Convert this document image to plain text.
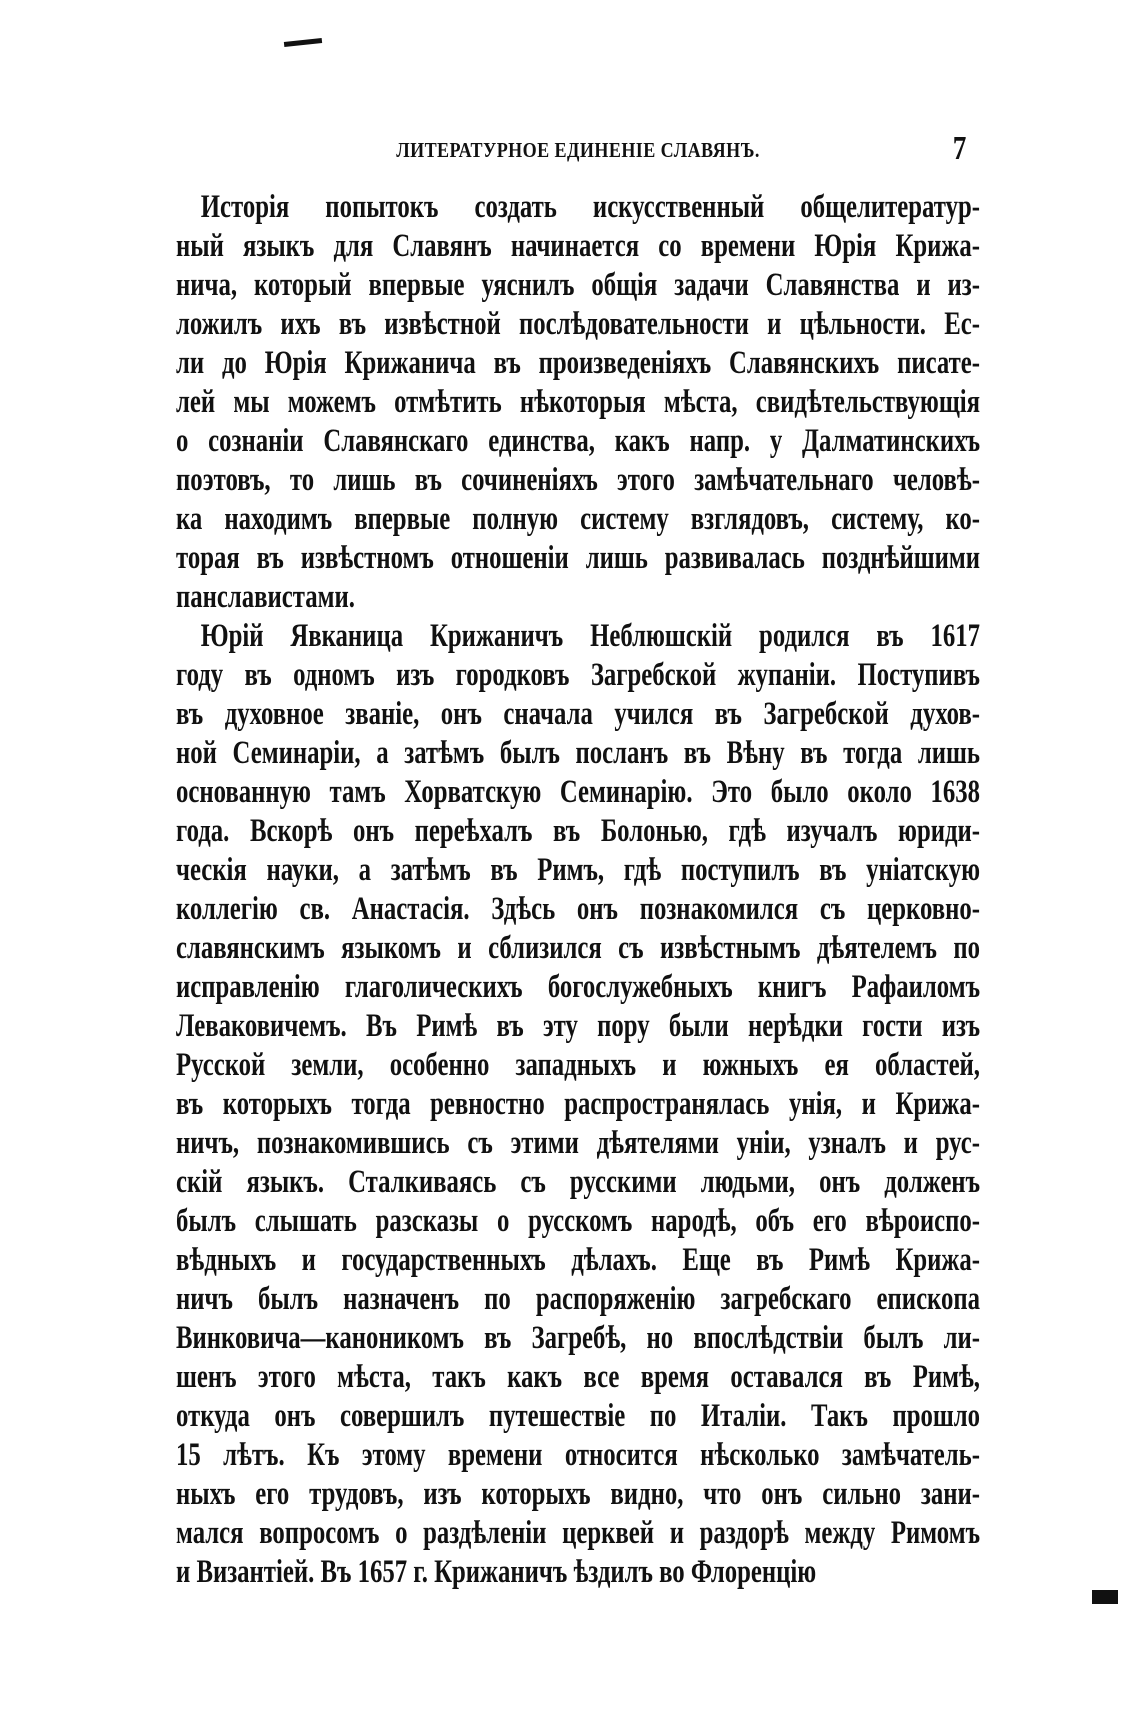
ЛИТЕРАТУРНОЕ ЕДИНЕНІЕ СЛАВЯНЪ.	7
Исторія попытокъ создать искусственный общелитератур-
ный языкъ для Славянъ начинается со времени Юрія Крижа-
нича, который впервые уяснилъ общія задачи Славянства и из-
ложилъ ихъ въ извѣстной послѣдовательности и цѣльности. Ес-
ли до Юрія Крижанича въ произведеніяхъ Славянскихъ писате-
лей мы можемъ отмѣтить нѣкоторыя мѣста, свидѣтельствующія
о сознаніи Славянскаго единства, какъ напр. у Далматинскихъ
поэтовъ, то лишь въ сочиненіяхъ этого замѣчательнаго человѣ-
ка находимъ впервые полную систему взглядовъ, систему, ко-
торая въ извѣстномъ отношеніи лишь развивалась позднѣйшими
панславистами.
Юрій Явканица Крижаничъ Неблюшскій родился въ 1617
году въ одномъ изъ городковъ Загребской жупаніи. Поступивъ
въ духовное званіе, онъ сначала учился въ Загребской духов-
ной Семинаріи, а затѣмъ былъ посланъ въ Вѣну въ тогда лишь
основанную тамъ Хорватскую Семинарію. Это было около 1638
года. Вскорѣ онъ переѣхалъ въ Болонью, гдѣ изучалъ юриди-
ческія науки, а затѣмъ въ Римъ, гдѣ поступилъ въ уніатскую
коллегію св. Анастасія. Здѣсь онъ познакомился съ церковно-
славянскимъ языкомъ и сблизился съ извѣстнымъ дѣятелемъ по
исправленію глаголическихъ богослужебныхъ книгъ Рафаиломъ
Леваковичемъ. Въ Римѣ въ эту пору были нерѣдки гости изъ
Русской земли, особенно западныхъ и южныхъ ея областей,
въ которыхъ тогда ревностно распространялась унія, и Крижа-
ничъ, познакомившись съ этими дѣятелями уніи, узналъ и рус-
скій языкъ. Сталкиваясь съ русскими людьми, онъ долженъ
былъ слышать разсказы о русскомъ народѣ, объ его вѣроиспо-
вѣдныхъ и государственныхъ дѣлахъ. Еще въ Римѣ Крижа-
ничъ былъ назначенъ по распоряженію загребскаго епископа
Винковича—каноникомъ въ Загребѣ, но впослѣдствіи былъ ли-
шенъ этого мѣста, такъ какъ все время оставался въ Римѣ,
откуда онъ совершилъ путешествіе по Италіи. Такъ прошло
15 лѣтъ. Къ этому времени относится нѣсколько замѣчатель-
ныхъ его трудовъ, изъ которыхъ видно, что онъ сильно зани-
мался вопросомъ о раздѣленіи церквей и раздорѣ между Римомъ
и Византіей. Въ 1657 г. Крижаничъ ѣздилъ во Флоренцію
